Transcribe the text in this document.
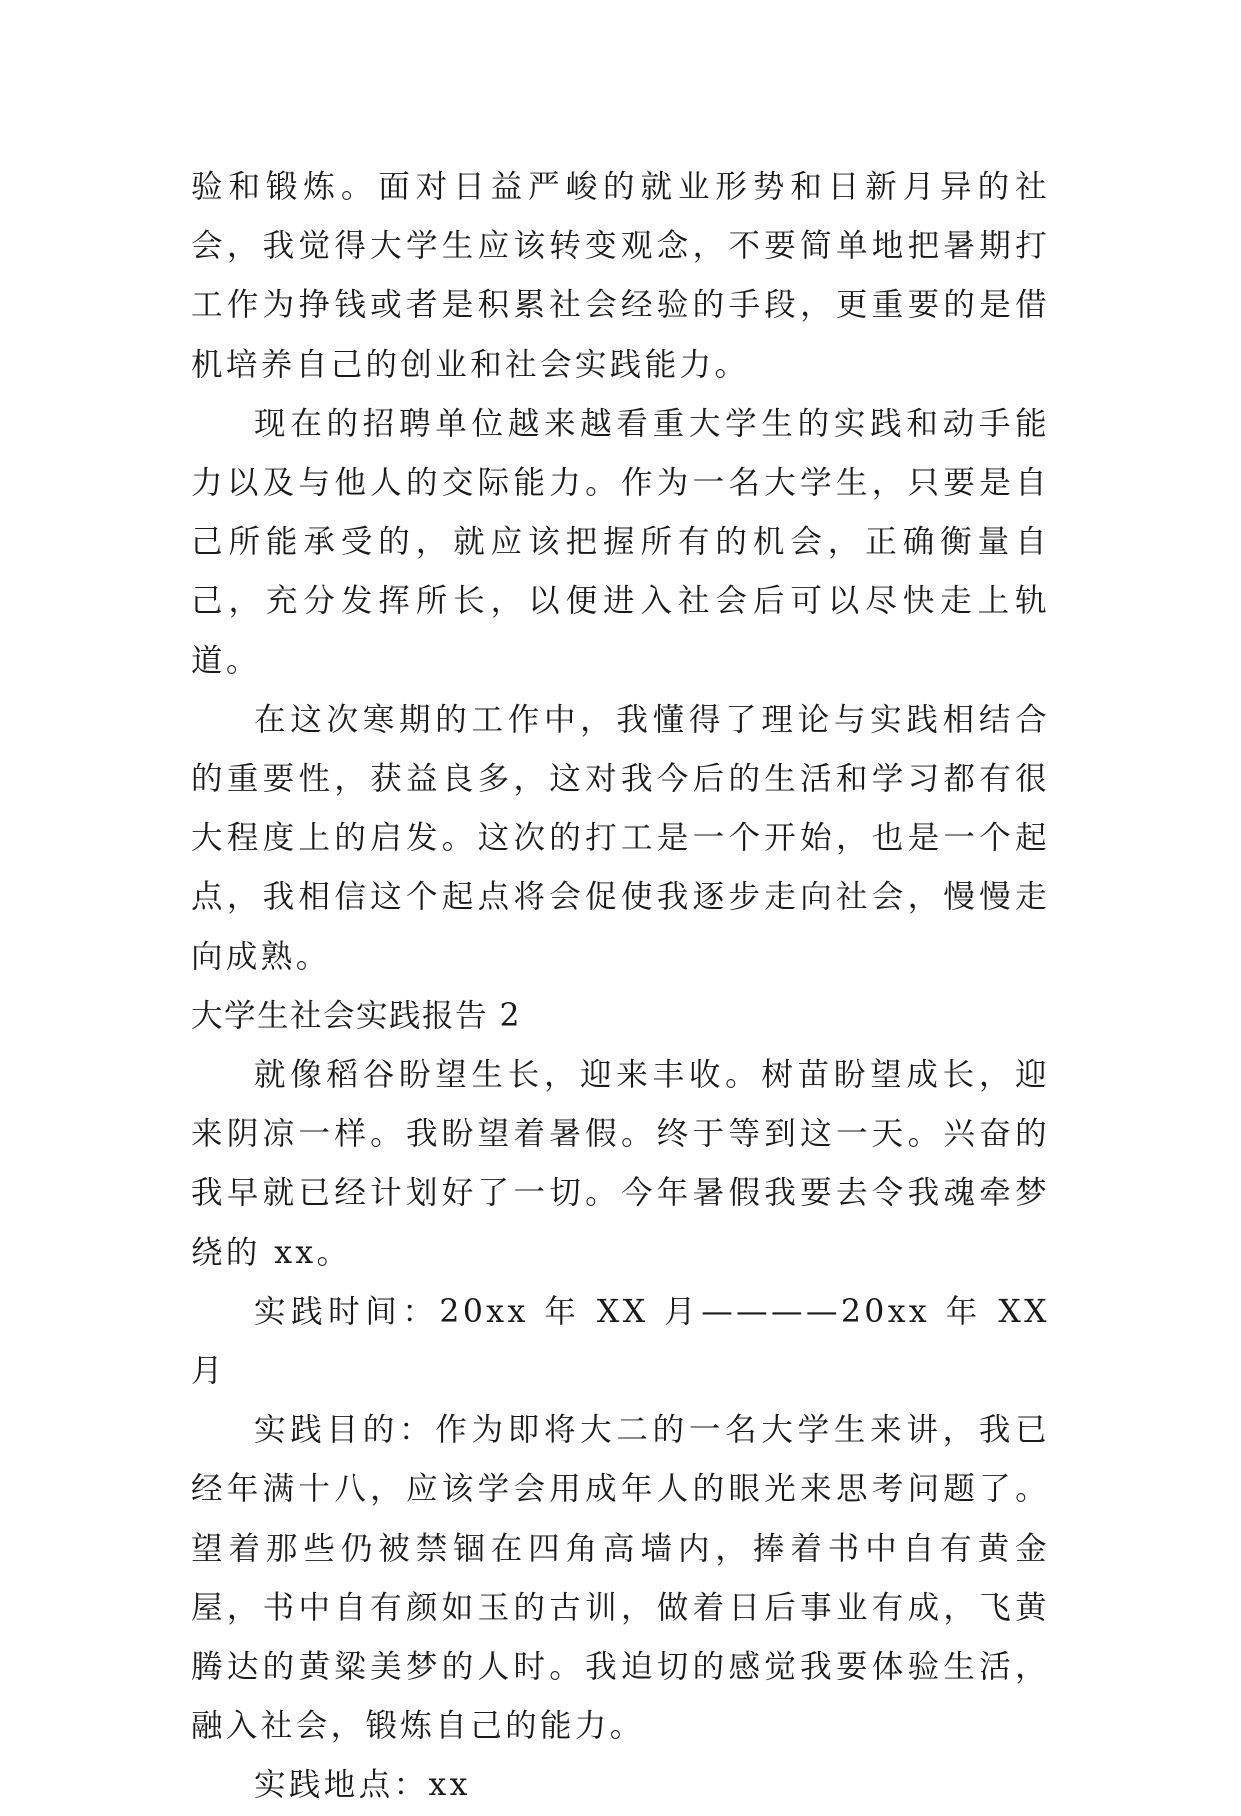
验和锻炼。面对日益严峻的就业形势和日新月异的社会，我觉得大学生应该转变观念，不要简单地把暑期打工作为挣钱或者是积累社会经验的手段，更重要的是借机培养自己的创业和社会实践能力。

现在的招聘单位越来越看重大学生的实践和动手能力以及与他人的交际能力。作为一名大学生，只要是自己所能承受的，就应该把握所有的机会，正确衡量自己，充分发挥所长，以便进入社会后可以尽快走上轨道。

在这次寒期的工作中，我懂得了理论与实践相结合的重要性，获益良多，这对我今后的生活和学习都有很大程度上的启发。这次的打工是一个开始，也是一个起点，我相信这个起点将会促使我逐步走向社会，慢慢走向成熟。

大学生社会实践报告 2

就像稻谷盼望生长，迎来丰收。树苗盼望成长，迎来阴凉一样。我盼望着暑假。终于等到这一天。兴奋的我早就已经计划好了一切。今年暑假我要去令我魂牵梦绕的 xx。

实践时间：20xx 年 XX 月————20xx 年 XX 月

实践目的：作为即将大二的一名大学生来讲，我已经年满十八，应该学会用成年人的眼光来思考问题了。望着那些仍被禁锢在四角高墙内，捧着书中自有黄金屋，书中自有颜如玉的古训，做着日后事业有成，飞黄腾达的黄粱美梦的人时。我迫切的感觉我要体验生活，融入社会，锻炼自己的能力。

实践地点：xx
